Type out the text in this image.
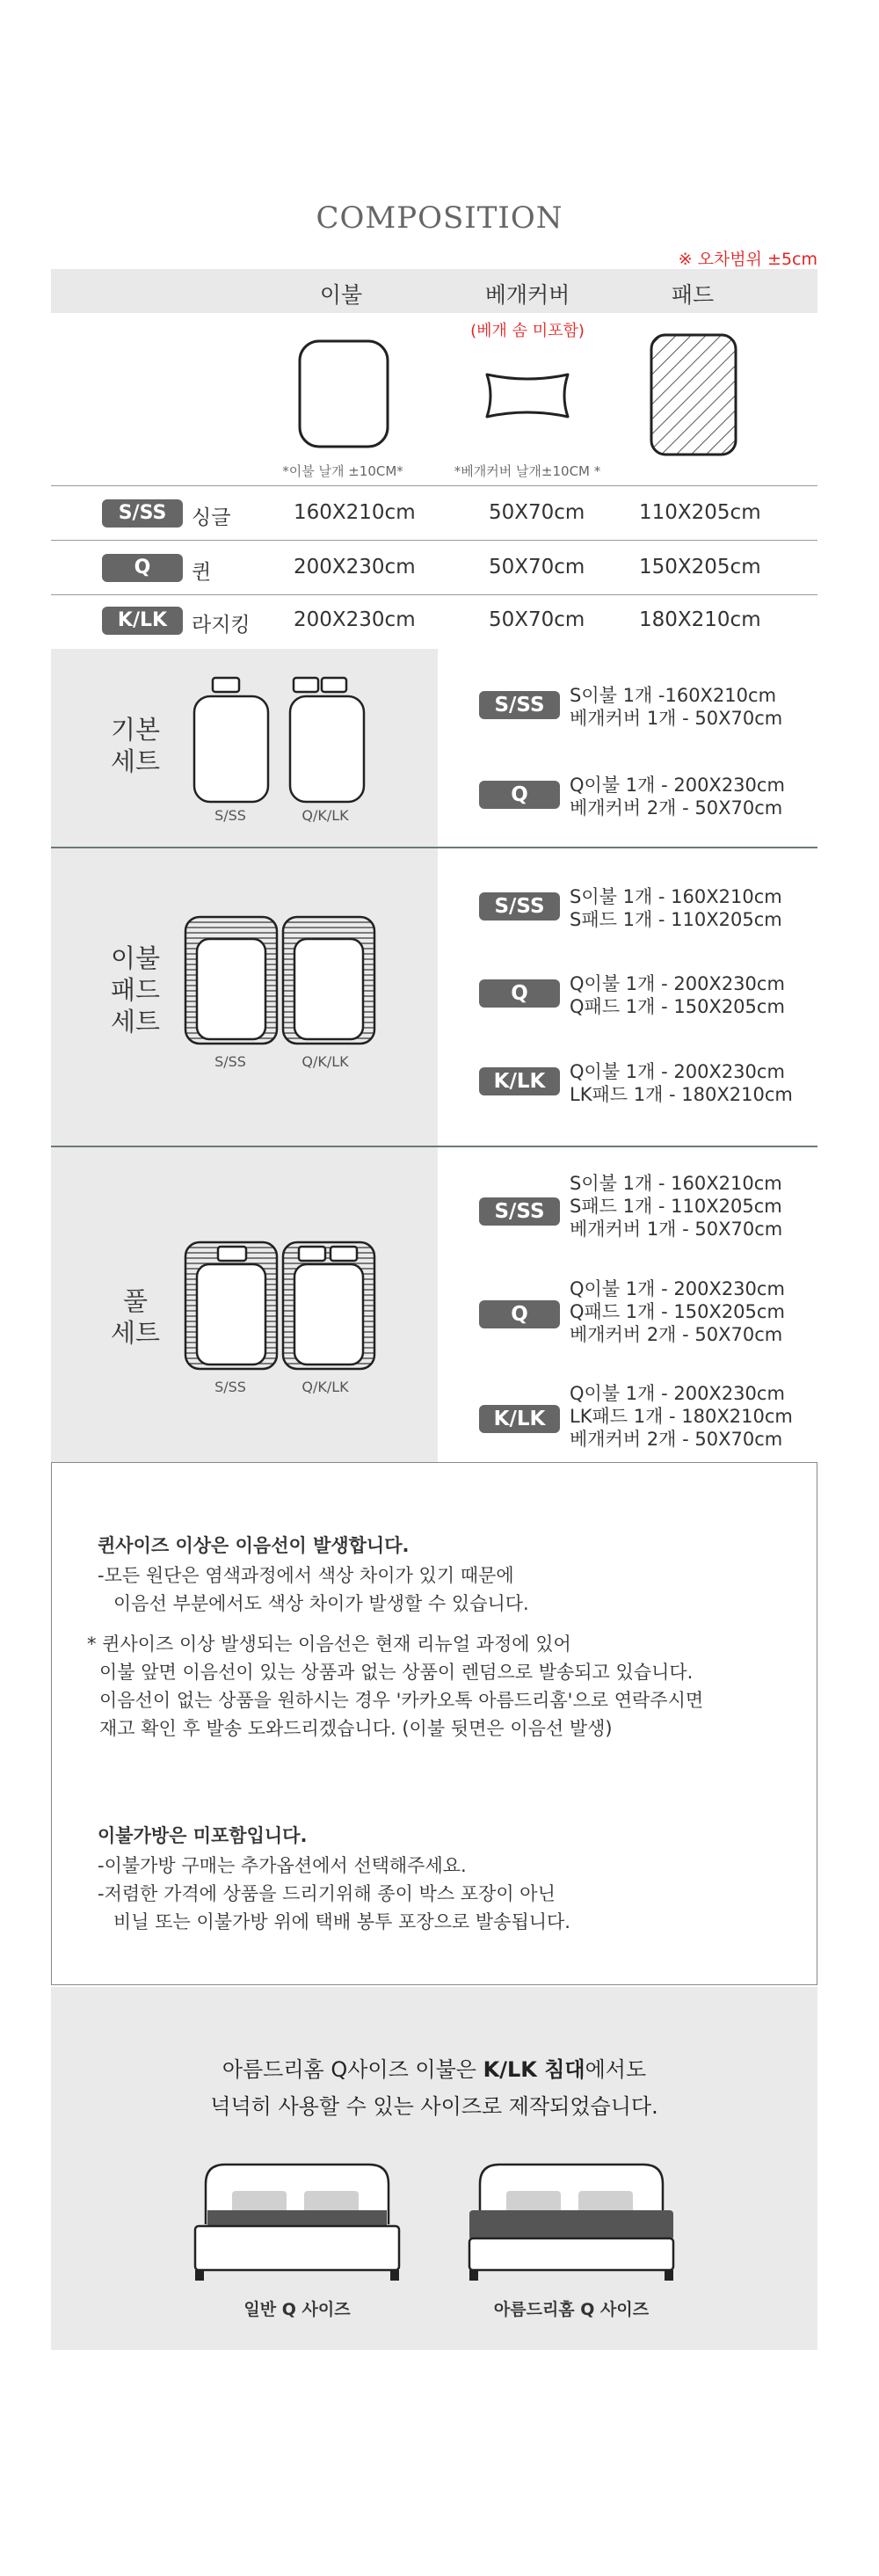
COMPOSITION
※ 오차범위 ±5cm
이불	베개커버	패드
(베개 솜 미포함)
*이불 날개 ±10CM*	*베개커버 날개±10CM *
S/SS	싱글	160X210cm	50X70cm	110X205cm
Q	퀸	200X230cm	50X70cm	150X205cm
K/LK	라지킹 200X230cm	50X70cm	180X210cm
기본
세트
S/SS	Q/K/LK
S/SS	S이불 1개 -160X210cm
베개커버 1개 - 50X70cm
Q	Q이불 1개 - 200X230cm
베개커버 2개 - 50X70cm
이불
패드
세트
S/SS	Q/K/LK
S/SS	S이불 1개 - 160X210cm
S패드 1개 - 110X205cm
Q	Q이불 1개 - 200X230cm
Q패드 1개 - 150X205cm
K/LK	Q이불 1개 - 200X230cm
LK패드 1개 - 180X210cm
풀
세트
S/SS	Q/K/LK
S/SS
S이불 1개 - 160X210cm
S패드 1개 - 110X205cm
베개커버 1개 - 50X70cm
Q
Q이불 1개 - 200X230cm
Q패드 1개 - 150X205cm
베개커버 2개 - 50X70cm
K/LK
Q이불 1개 - 200X230cm
LK패드 1개 - 180X210cm
베개커버 2개 - 50X70cm

퀸사이즈 이상은 이음선이 발생합니다.

-모든 원단은 염색과정에서 색상 차이가 있기 때문에

이음선 부분에서도 색상 차이가 발생할 수 있습니다.

* 퀸사이즈 이상 발생되는 이음선은 현재 리뉴얼 과정에 있어

이불 앞면 이음선이 있는 상품과 없는 상품이 렌덤으로 발송되고 있습니다.

이음선이 없는 상품을 원하시는 경우 '카카오톡 아름드리홈'으로 연락주시면

재고 확인 후 발송 도와드리겠습니다. (이불 뒷면은 이음선 발생)

이불가방은 미포함입니다.

-이불가방 구매는 추가옵션에서 선택해주세요.

-저렴한 가격에 상품을 드리기위해 종이 박스 포장이 아닌

비닐 또는 이불가방 위에 택배 봉투 포장으로 발송됩니다.

아름드리홈 Q사이즈 이불은 K/LK 침대에서도
넉넉히 사용할 수 있는 사이즈로 제작되었습니다.
일반 Q 사이즈	아름드리홈 Q 사이즈
